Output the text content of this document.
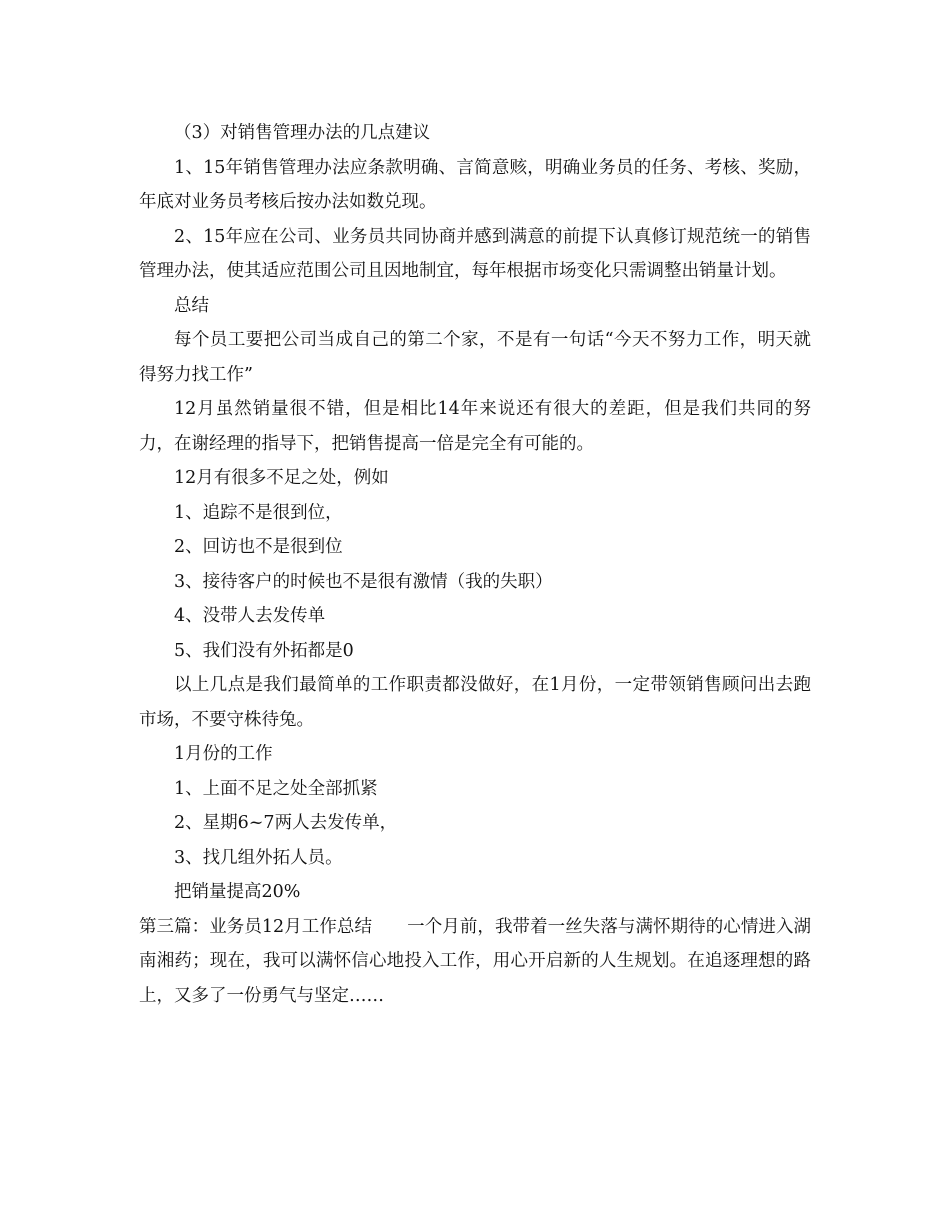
（3）对销售管理办法的几点建议

1、15年销售管理办法应条款明确、言简意赅，明确业务员的任务、考核、奖励，年底对业务员考核后按办法如数兑现。

2、15年应在公司、业务员共同协商并感到满意的前提下认真修订规范统一的销售管理办法，使其适应范围公司且因地制宜，每年根据市场变化只需调整出销量计划。

总结

每个员工要把公司当成自己的第二个家，不是有一句话“今天不努力工作，明天就得努力找工作”

12月虽然销量很不错，但是相比14年来说还有很大的差距，但是我们共同的努力，在谢经理的指导下，把销售提高一倍是完全有可能的。

12月有很多不足之处，例如

1、追踪不是很到位，

2、回访也不是很到位

3、接待客户的时候也不是很有激情（我的失职）

4、没带人去发传单

5、我们没有外拓都是0

以上几点是我们最简单的工作职责都没做好，在1月份，一定带领销售顾问出去跑市场，不要守株待兔。

1月份的工作

1、上面不足之处全部抓紧

2、星期6~7两人去发传单，

3、找几组外拓人员。

把销量提高20%

第三篇：业务员12月工作总结　　一个月前，我带着一丝失落与满怀期待的心情进入湖南湘药；现在，我可以满怀信心地投入工作，用心开启新的人生规划。在追逐理想的路上，又多了一份勇气与坚定……
